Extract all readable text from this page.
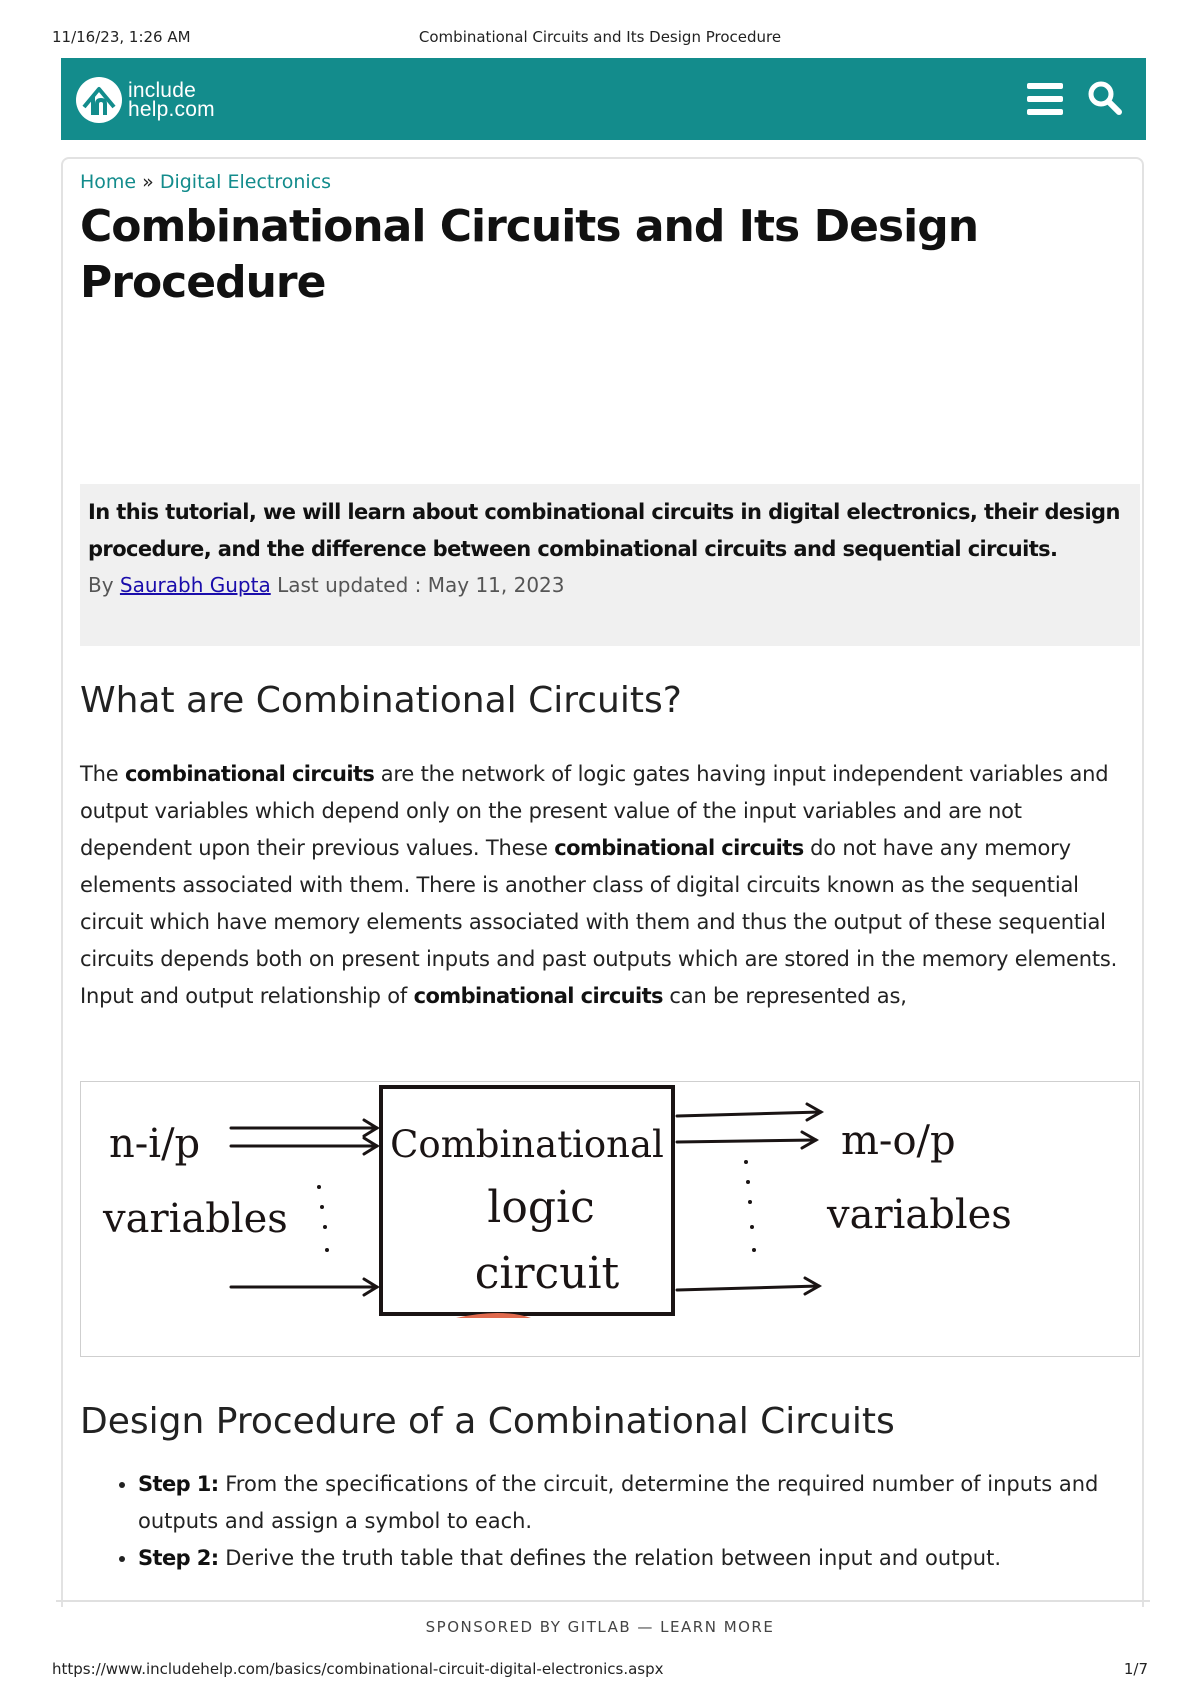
11/16/23, 1:26 AM	Combinational Circuits and Its Design Procedure
include
help.com
Home » Digital Electronics
Combinational Circuits and Its Design Procedure

In this tutorial, we will learn about combinational circuits in digital electronics, their design procedure, and the difference between combinational circuits and sequential circuits.

By Saurabh Gupta Last updated : May 11, 2023
What are Combinational Circuits?

The combinational circuits are the network of logic gates having input independent variables and output variables which depend only on the present value of the input variables and are not dependent upon their previous values. These combinational circuits do not have any memory elements associated with them. There is another class of digital circuits known as the sequential circuit which have memory elements associated with them and thus the output of these sequential circuits depends both on present inputs and past outputs which are stored in the memory elements. Input and output relationship of combinational circuits can be represented as,

n-i/p
variables
Combinational
logic
circuit
m-o/p
variables
Design Procedure of a Combinational Circuits
• Step 1: From the specifications of the circuit, determine the required number of inputs and outputs and assign a symbol to each.
• Step 2: Derive the truth table that defines the relation between input and output.
SPONSORED BY GITLAB — LEARN MORE
https://www.includehelp.com/basics/combinational-circuit-digital-electronics.aspx	1/7
